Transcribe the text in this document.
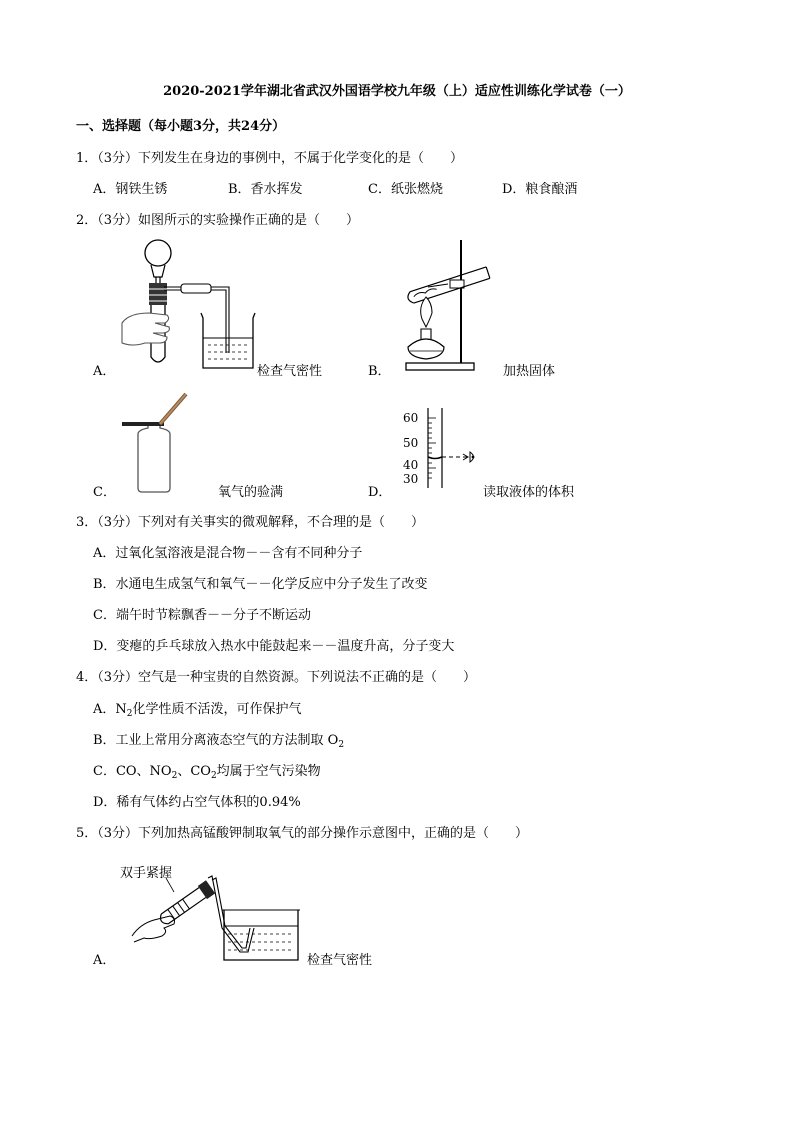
2020-2021学年湖北省武汉外国语学校九年级（上）适应性训练化学试卷（一）
一、选择题（每小题3分，共24分）
1．（3分）下列发生在身边的事例中，不属于化学变化的是（　　）
A．钢铁生锈	B．香水挥发	C．纸张燃烧	D．粮食酿酒
2．（3分）如图所示的实验操作正确的是（　　）
A．	检查气密性	B．	加热固体
C．	氧气的验满
60
50
40
30
D．	读取液体的体积
3．（3分）下列对有关事实的微观解释，不合理的是（　　）
A．过氧化氢溶液是混合物－－含有不同种分子
B．水通电生成氢气和氧气－－化学反应中分子发生了改变
C．端午时节粽飘香－－分子不断运动
D．变瘪的乒乓球放入热水中能鼓起来－－温度升高，分子变大
4．（3分）空气是一种宝贵的自然资源。下列说法不正确的是（　　）
A．$N_2$化学性质不活泼，可作保护气
B．工业上常用分离液态空气的方法制取 $O_2$
C．CO、$NO_2$、$CO_2$均属于空气污染物
D．稀有气体约占空气体积的0.94%
5．（3分）下列加热高锰酸钾制取氧气的部分操作示意图中，正确的是（　　）
双手紧握
A．	检查气密性
